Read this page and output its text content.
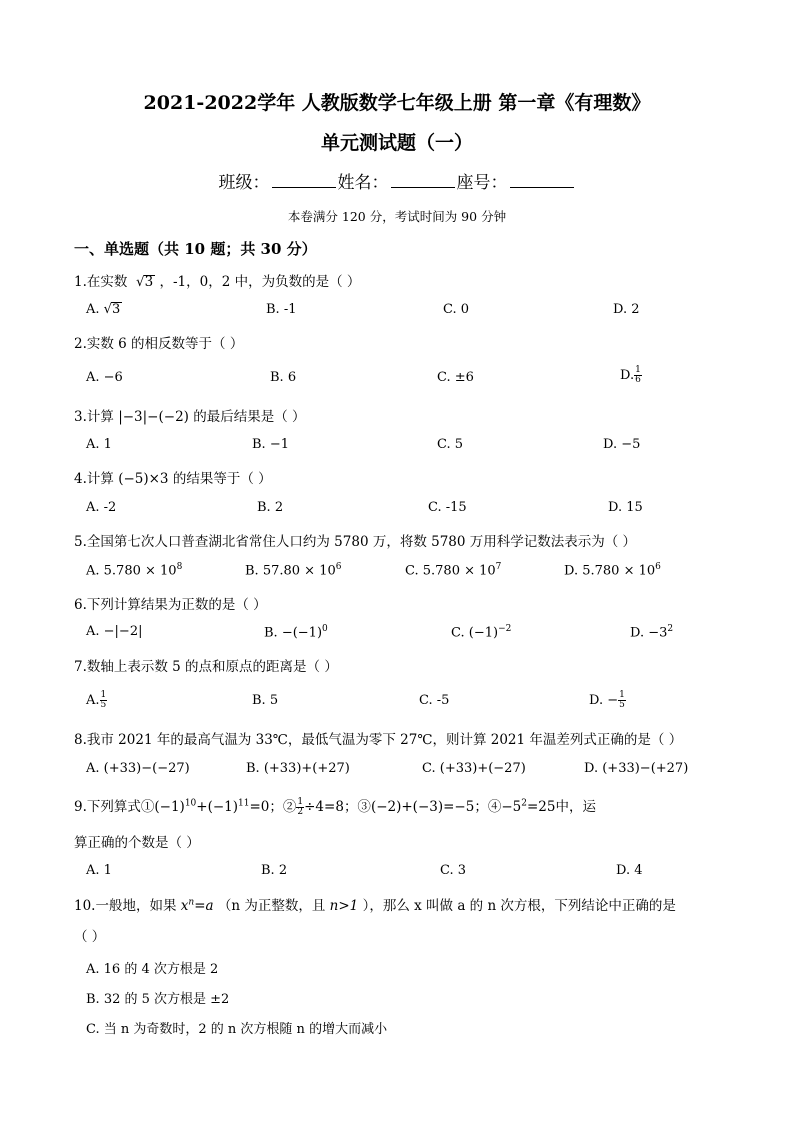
2021-2022学年 人教版数学七年级上册 第一章《有理数》
单元测试题（一）
班级：	姓名：	座号：
本卷满分 120 分，考试时间为 90 分钟
一、单选题（共 10 题；共 30 分）
1.在实数  √3 ，-1，0，2 中，为负数的是（ ）
A. √3	B. -1	C. 0	D. 2
2.实数 6 的相反数等于（ ）
A. −6	B. 6	C. ±6	D. $\frac{1}{6}$
3.计算 |−3|−(−2) 的最后结果是（ ）
A. 1	B. −1	C. 5	D. −5
4.计算 (−5)×3 的结果等于（ ）
A. -2	B. 2	C. -15	D. 15
5.全国第七次人口普查湖北省常住人口约为 5780 万，将数 5780 万用科学记数法表示为（ ）
A. $5.780 \times 10^8$	B. $57.80 \times 10^6$	C. $5.780 \times 10^7$	D. $5.780 \times 10^6$
6.下列计算结果为正数的是（ ）
A. −|−2|	B. $-(-1)^0$	C. $(-1)^{-2}$	D. $-3^2$
7.数轴上表示数 5 的点和原点的距离是（ ）
A. $\frac{1}{5}$	B. 5	C. -5	D. − $\frac{1}{5}$
8.我市 2021 年的最高气温为 33℃，最低气温为零下 27℃，则计算 2021 年温差列式正确的是（ ）
A. (+33)−(−27)	B. (+33)+(+27)	C. (+33)+(−27)	D. (+33)−(+27)
9.下列算式$①(-1)^{10}+(-1)^{11}=0$；② $\frac{1}{2} \div 4=8$；③(−2)+(−3)=−5；$④-5^2=25$中，运
算正确的个数是（ ）
A. 1	B. 2	C. 3	D. 4
10.一般地，如果 $x^n=a$ （n 为正整数，且 n>1 ），那么 x 叫做 a 的 n 次方根，下列结论中正确的是
（ ）
A. 16 的 4 次方根是 2
B. 32 的 5 次方根是 ±2
C. 当 n 为奇数时，2 的 n 次方根随 n 的增大而减小
